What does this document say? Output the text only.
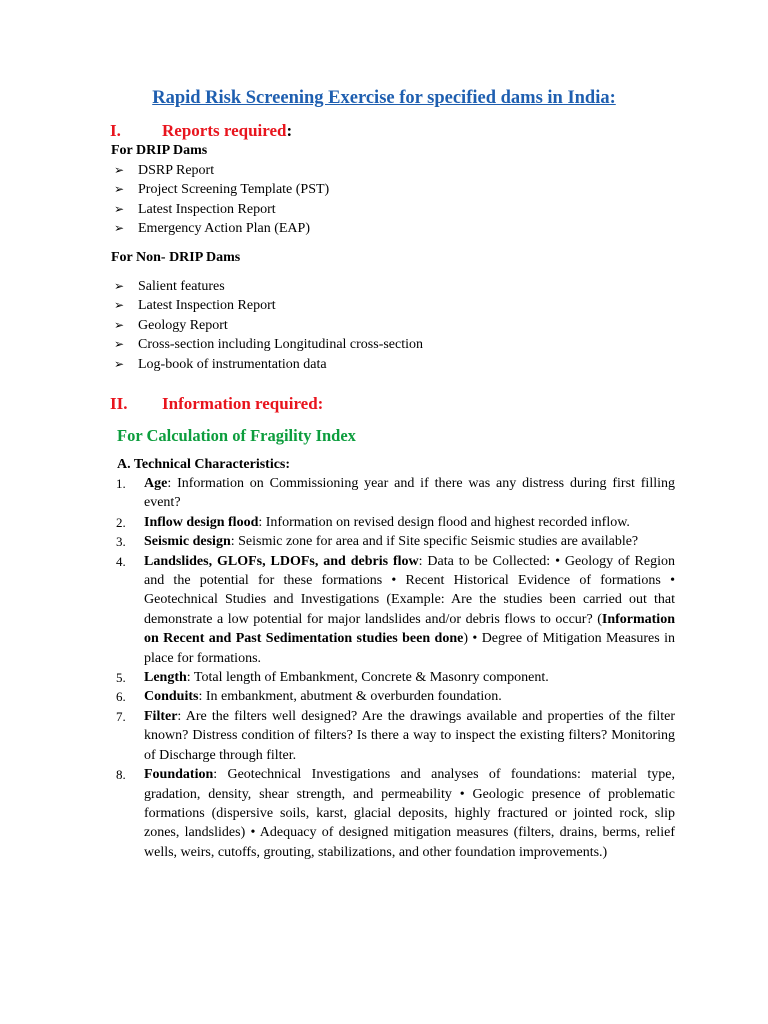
Rapid Risk Screening Exercise for specified dams in India:
I. Reports required:
For DRIP Dams
➢ DSRP Report
➢ Project Screening Template (PST)
➢ Latest Inspection Report
➢ Emergency Action Plan (EAP)
For Non- DRIP Dams
➢ Salient features
➢ Latest Inspection Report
➢ Geology Report
➢ Cross-section including Longitudinal cross-section
➢ Log-book of instrumentation data
II. Information required:
For Calculation of Fragility Index
A. Technical Characteristics:
1.	Age: Information on Commissioning year and if there was any distress during first filling event?
2.	Inflow design flood: Information on revised design flood and highest recorded inflow.
3.	Seismic design: Seismic zone for area and if Site specific Seismic studies are available?
4.	Landslides, GLOFs, LDOFs, and debris flow: Data to be Collected: • Geology of Region and the potential for these formations • Recent Historical Evidence of formations • Geotechnical Studies and Investigations (Example: Are the studies been carried out that demonstrate a low potential for major landslides and/or debris flows to occur? (Information on Recent and Past Sedimentation studies been done) • Degree of Mitigation Measures in place for formations.
5.	Length: Total length of Embankment, Concrete & Masonry component.
6.	Conduits: In embankment, abutment & overburden foundation.
7.	Filter: Are the filters well designed? Are the drawings available and properties of the filter known? Distress condition of filters? Is there a way to inspect the existing filters? Monitoring of Discharge through filter.
8.	Foundation: Geotechnical Investigations and analyses of foundations: material type, gradation, density, shear strength, and permeability • Geologic presence of problematic formations (dispersive soils, karst, glacial deposits, highly fractured or jointed rock, slip zones, landslides) • Adequacy of designed mitigation measures (filters, drains, berms, relief wells, weirs, cutoffs, grouting, stabilizations, and other foundation improvements.)
